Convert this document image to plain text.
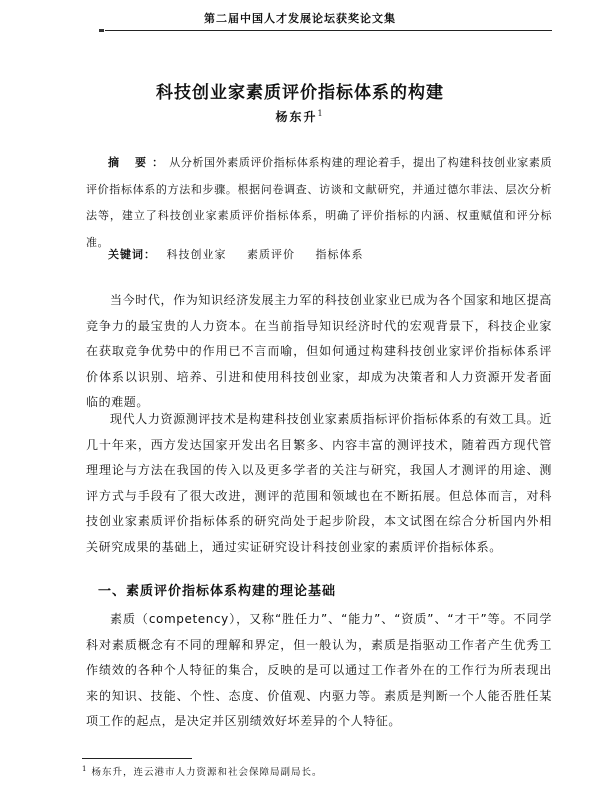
第二届中国人才发展论坛获奖论文集
科技创业家素质评价指标体系的构建
杨东升$^1$
摘 要：从分析国外素质评价指标体系构建的理论着手，提出了构建科技创业家素质评价指标体系的方法和步骤。根据问卷调查、访谈和文献研究，并通过德尔菲法、层次分析法等，建立了科技创业家素质评价指标体系，明确了评价指标的内涵、权重赋值和评分标准。
关键词： 科技创业家 素质评价 指标体系

当今时代，作为知识经济发展主力军的科技创业家业已成为各个国家和地区提高竞争力的最宝贵的人力资本。在当前指导知识经济时代的宏观背景下，科技企业家在获取竞争优势中的作用已不言而喻，但如何通过构建科技创业家评价指标体系评价体系以识别、培养、引进和使用科技创业家，却成为决策者和人力资源开发者面临的难题。

现代人力资源测评技术是构建科技创业家素质指标评价指标体系的有效工具。近几十年来，西方发达国家开发出名目繁多、内容丰富的测评技术，随着西方现代管理理论与方法在我国的传入以及更多学者的关注与研究，我国人才测评的用途、测评方式与手段有了很大改进，测评的范围和领域也在不断拓展。但总体而言，对科技创业家素质评价指标体系的研究尚处于起步阶段，本文试图在综合分析国内外相关研究成果的基础上，通过实证研究设计科技创业家的素质评价指标体系。

一、素质评价指标体系构建的理论基础

素质（competency），又称“胜任力”、“能力”、“资质”、“才干”等。不同学科对素质概念有不同的理解和界定，但一般认为，素质是指驱动工作者产生优秀工作绩效的各种个人特征的集合，反映的是可以通过工作者外在的工作行为所表现出来的知识、技能、个性、态度、价值观、内驱力等。素质是判断一个人能否胜任某项工作的起点，是决定并区别绩效好坏差异的个人特征。

$^1$ 杨东升，连云港市人力资源和社会保障局副局长。
